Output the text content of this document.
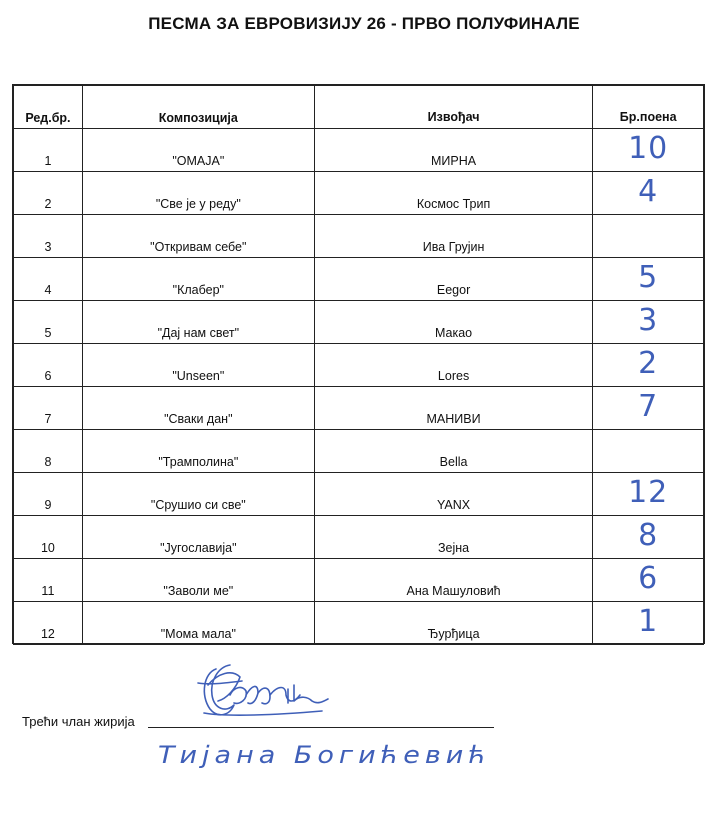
ПЕСМА ЗА ЕВРОВИЗИЈУ 26 - ПРВО ПОЛУФИНАЛЕ
Ред.бр.	Композиција	Извођач	Бр.поена
1	"ОМАЈА"	МИРНА	10

2	"Све је у реду"	Космос Трип	4

3	"Откривам себе"	Ива Грујин	

4	"Клабер"	Eegor	5

5	"Дај нам свет"	Макао	3

6	"Unseen"	Lores	2

7	"Сваки дан"	МАНИВИ	7

8	"Трамполина"	Bella	

9	"Срушио си све"	YANX	12

10	"Југославија"	Зејна	8

11	"Заволи ме"	Ана Машуловић	6

12	"Мома мала"	Ђурђица	1
Трећи члан жирија
Тијана Богићевић
